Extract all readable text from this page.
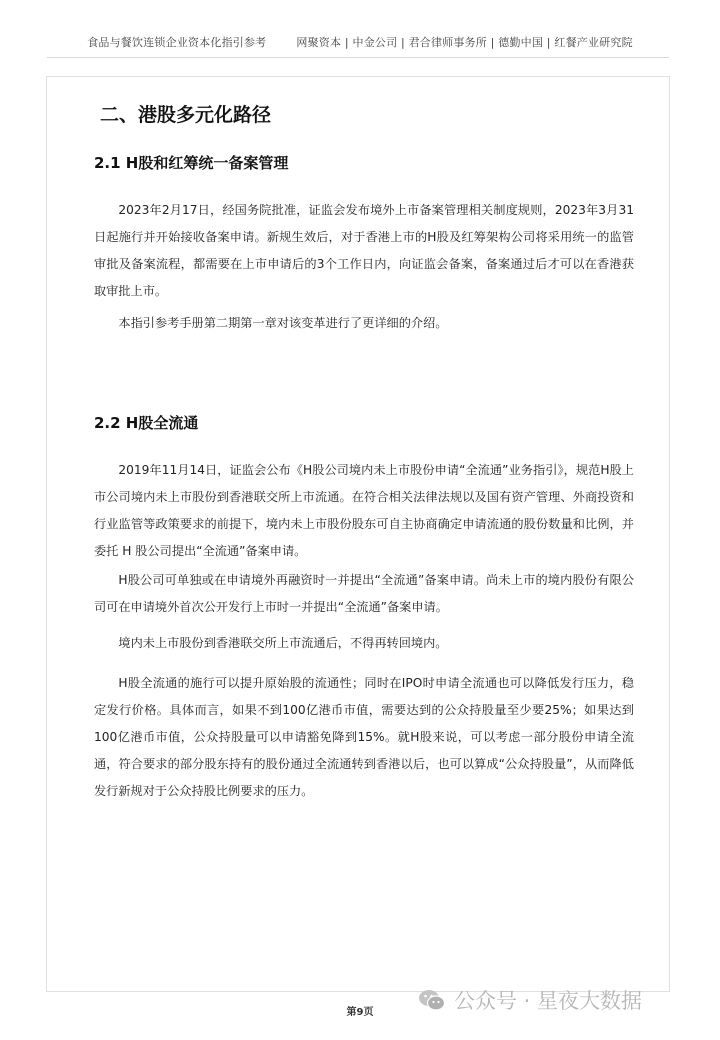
食品与餐饮连锁企业资本化指引参考	网聚资本 | 中金公司 | 君合律师事务所 | 德勤中国 | 红餐产业研究院
二、港股多元化路径
2.1 H股和红筹统一备案管理

2023年2月17日，经国务院批准，证监会发布境外上市备案管理相关制度规则，2023年3月31日起施行并开始接收备案申请。新规生效后，对于香港上市的H股及红筹架构公司将采用统一的监管审批及备案流程，都需要在上市申请后的3个工作日内，向证监会备案，备案通过后才可以在香港获取审批上市。

本指引参考手册第二期第一章对该变革进行了更详细的介绍。

2.2 H股全流通

2019年11月14日，证监会公布《H股公司境内未上市股份申请“全流通”业务指引》，规范H股上市公司境内未上市股份到香港联交所上市流通。在符合相关法律法规以及国有资产管理、外商投资和行业监管等政策要求的前提下，境内未上市股份股东可自主协商确定申请流通的股份数量和比例，并委托 H 股公司提出“全流通”备案申请。

H股公司可单独或在申请境外再融资时一并提出“全流通”备案申请。尚未上市的境内股份有限公司可在申请境外首次公开发行上市时一并提出“全流通”备案申请。

境内未上市股份到香港联交所上市流通后，不得再转回境内。

H股全流通的施行可以提升原始股的流通性；同时在IPO时申请全流通也可以降低发行压力，稳定发行价格。具体而言，如果不到100亿港币市值，需要达到的公众持股量至少要25%；如果达到100亿港币市值，公众持股量可以申请豁免降到15%。就H股来说，可以考虑一部分股份申请全流通，符合要求的部分股东持有的股份通过全流通转到香港以后，也可以算成“公众持股量”，从而降低发行新规对于公众持股比例要求的压力。

第9页	公众号 · 星夜大数据
